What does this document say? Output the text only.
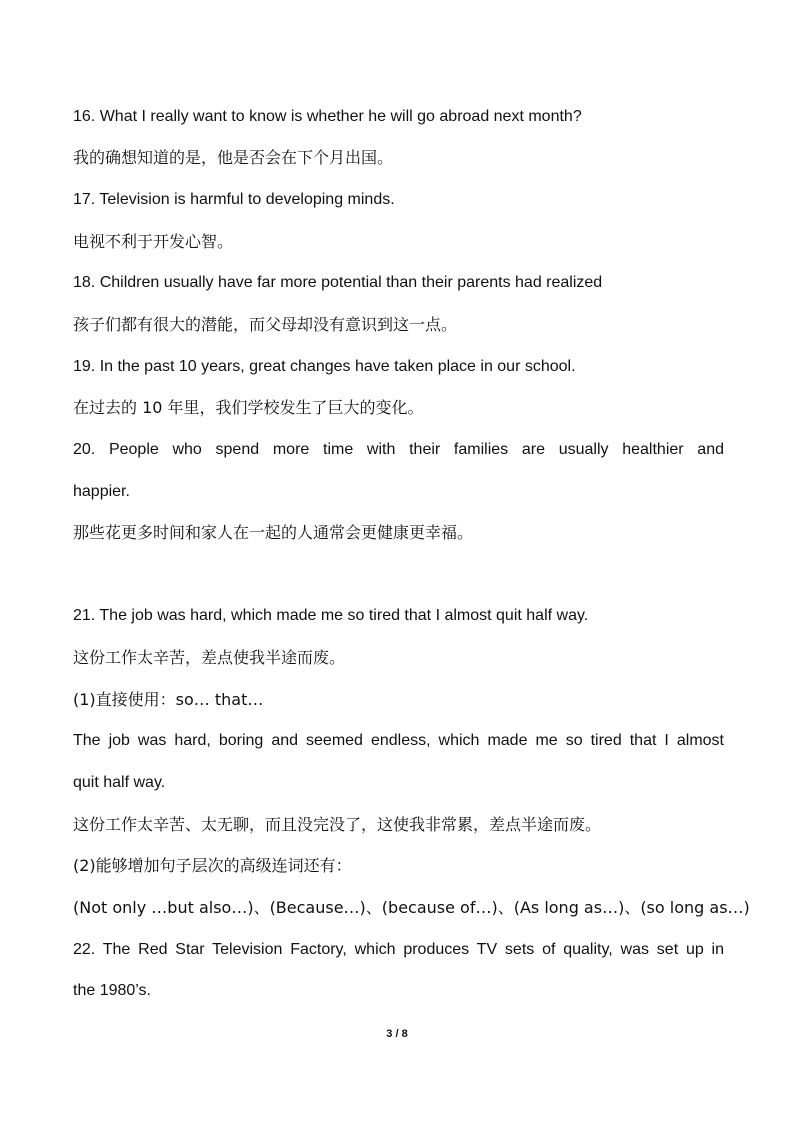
16. What I really want to know is whether he will go abroad next month?
我的确想知道的是，他是否会在下个月出国。
17. Television is harmful to developing minds.
电视不利于开发心智。
18. Children usually have far more potential than their parents had realized
孩子们都有很大的潜能，而父母却没有意识到这一点。
19. In the past 10 years, great changes have taken place in our school.
在过去的 10 年里，我们学校发生了巨大的变化。
20. People who spend more time with their families are usually healthier and
happier.
那些花更多时间和家人在一起的人通常会更健康更幸福。
21. The job was hard, which made me so tired that I almost quit half way.
这份工作太辛苦，差点使我半途而废。
(1)直接使用：so… that…
The job was hard, boring and seemed endless, which made me so tired that I almost
quit half way.
这份工作太辛苦、太无聊，而且没完没了，这使我非常累，差点半途而废。
(2)能够增加句子层次的高级连词还有：
(Not only …but also…)、(Because…)、(because of…)、(As long as…)、(so long as…)
22. The Red Star Television Factory, which produces TV sets of quality, was set up in
the 1980’s.
3 / 8
